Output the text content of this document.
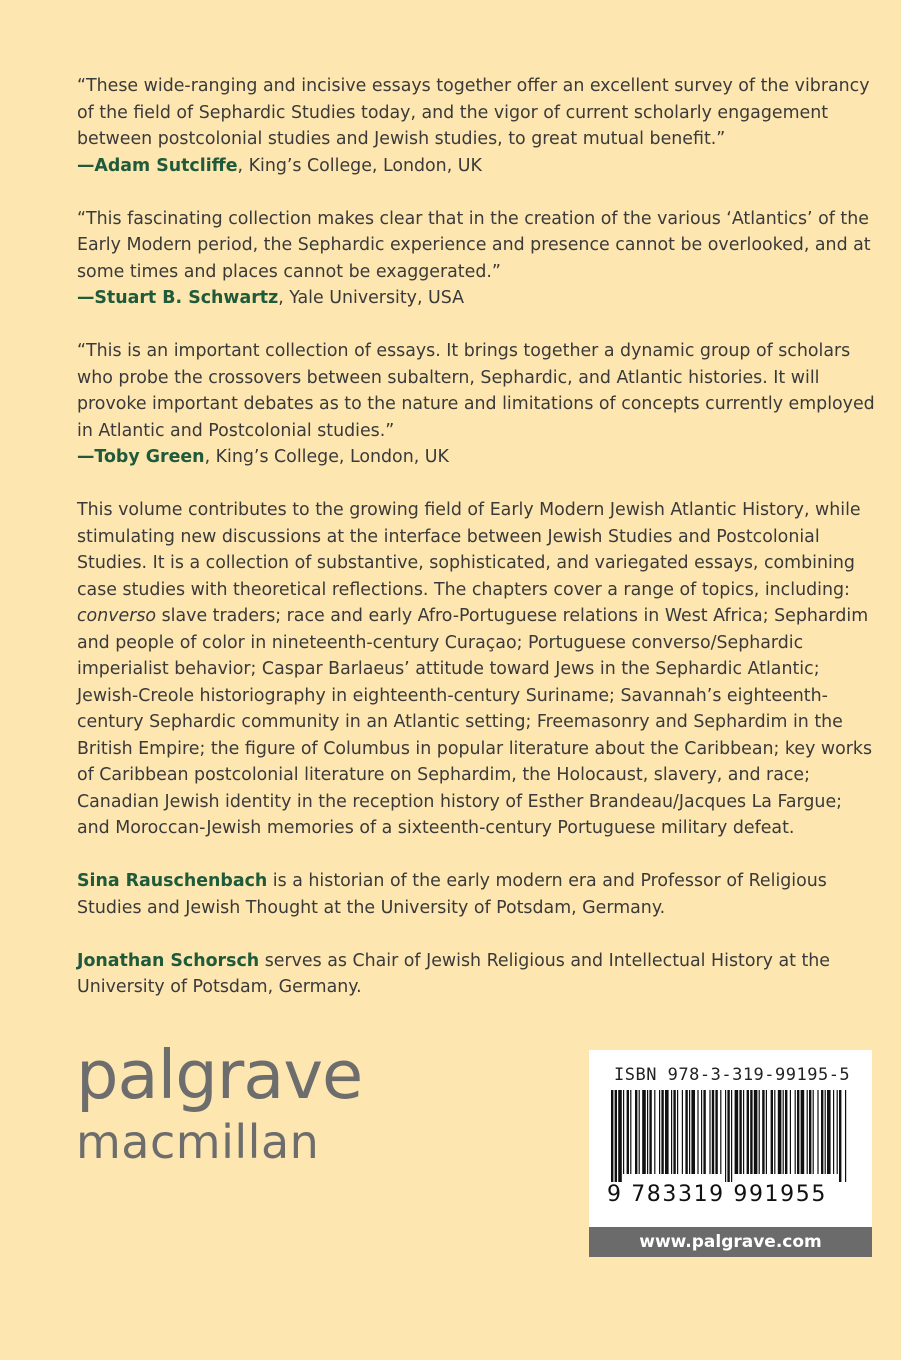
“These wide-ranging and incisive essays together offer an excellent survey of the vibrancy of the field of Sephardic Studies today, and the vigor of current scholarly engagement between postcolonial studies and Jewish studies, to great mutual benefit.”

—Adam Sutcliffe, King’s College, London, UK

“This fascinating collection makes clear that in the creation of the various ‘Atlantics’ of the Early Modern period, the Sephardic experience and presence cannot be overlooked, and at some times and places cannot be exaggerated.”

—Stuart B. Schwartz, Yale University, USA

“This is an important collection of essays. It brings together a dynamic group of scholars who probe the crossovers between subaltern, Sephardic, and Atlantic histories. It will provoke important debates as to the nature and limitations of concepts currently employed in Atlantic and Postcolonial studies.”

—Toby Green, King’s College, London, UK

This volume contributes to the growing field of Early Modern Jewish Atlantic History, while stimulating new discussions at the interface between Jewish Studies and Postcolonial Studies. It is a collection of substantive, sophisticated, and variegated essays, combining case studies with theoretical reflections. The chapters cover a range of topics, including: converso slave traders; race and early Afro-Portuguese relations in West Africa; Sephardim and people of color in nineteenth-century Curaçao; Portuguese converso/Sephardic imperialist behavior; Caspar Barlaeus’ attitude toward Jews in the Sephardic Atlantic; Jewish-Creole historiography in eighteenth-century Suriname; Savannah’s eighteenth-century Sephardic community in an Atlantic setting; Freemasonry and Sephardim in the British Empire; the figure of Columbus in popular literature about the Caribbean; key works of Caribbean postcolonial literature on Sephardim, the Holocaust, slavery, and race; Canadian Jewish identity in the reception history of Esther Brandeau/Jacques La Fargue; and Moroccan-Jewish memories of a sixteenth-century Portuguese military defeat.

Sina Rauschenbach is a historian of the early modern era and Professor of Religious Studies and Jewish Thought at the University of Potsdam, Germany.

Jonathan Schorsch serves as Chair of Jewish Religious and Intellectual History at the University of Potsdam, Germany.

palgrave
macmillan
ISBN 978-3-319-99195-5
9 783319 991955
www.palgrave.com
